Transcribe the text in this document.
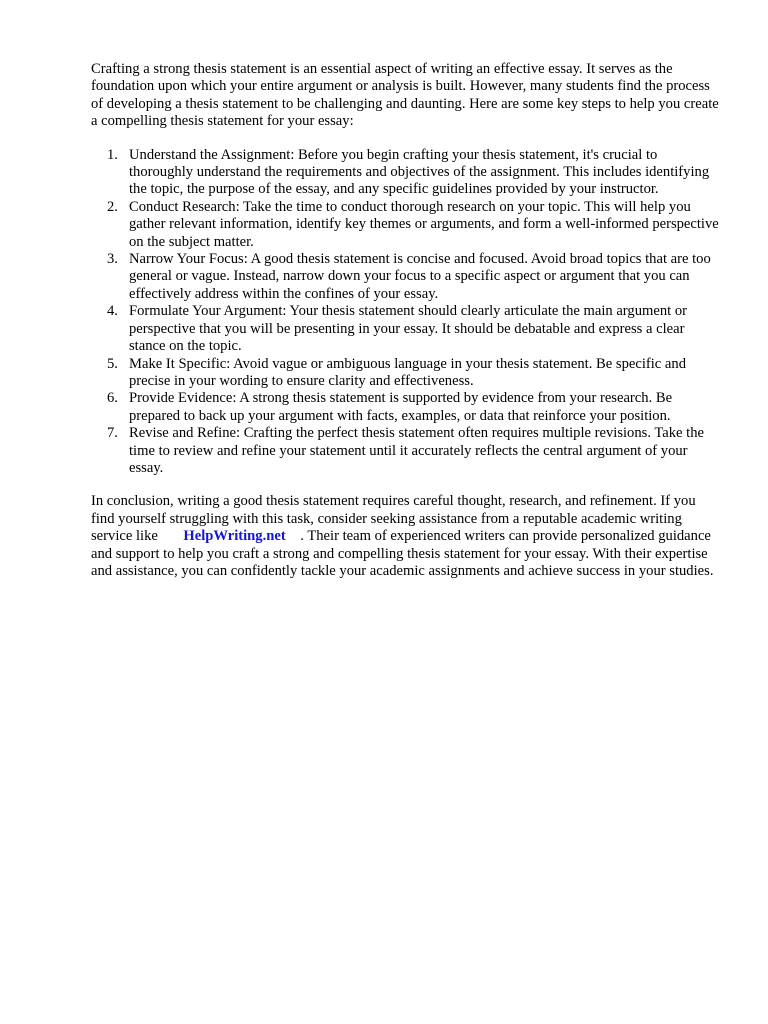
Crafting a strong thesis statement is an essential aspect of writing an effective essay. It serves as the foundation upon which your entire argument or analysis is built. However, many students find the process of developing a thesis statement to be challenging and daunting. Here are some key steps to help you create a compelling thesis statement for your essay:

1. Understand the Assignment: Before you begin crafting your thesis statement, it's crucial to thoroughly understand the requirements and objectives of the assignment. This includes identifying the topic, the purpose of the essay, and any specific guidelines provided by your instructor.
2. Conduct Research: Take the time to conduct thorough research on your topic. This will help you gather relevant information, identify key themes or arguments, and form a well-informed perspective on the subject matter.
3. Narrow Your Focus: A good thesis statement is concise and focused. Avoid broad topics that are too general or vague. Instead, narrow down your focus to a specific aspect or argument that you can effectively address within the confines of your essay.
4. Formulate Your Argument: Your thesis statement should clearly articulate the main argument or perspective that you will be presenting in your essay. It should be debatable and express a clear stance on the topic.
5. Make It Specific: Avoid vague or ambiguous language in your thesis statement. Be specific and precise in your wording to ensure clarity and effectiveness.
6. Provide Evidence: A strong thesis statement is supported by evidence from your research. Be prepared to back up your argument with facts, examples, or data that reinforce your position.
7. Revise and Refine: Crafting the perfect thesis statement often requires multiple revisions. Take the time to review and refine your statement until it accurately reflects the central argument of your essay.

In conclusion, writing a good thesis statement requires careful thought, research, and refinement. If you find yourself struggling with this task, consider seeking assistance from a reputable academic writing service like HelpWriting.net . Their team of experienced writers can provide personalized guidance and support to help you craft a strong and compelling thesis statement for your essay. With their expertise and assistance, you can confidently tackle your academic assignments and achieve success in your studies.
